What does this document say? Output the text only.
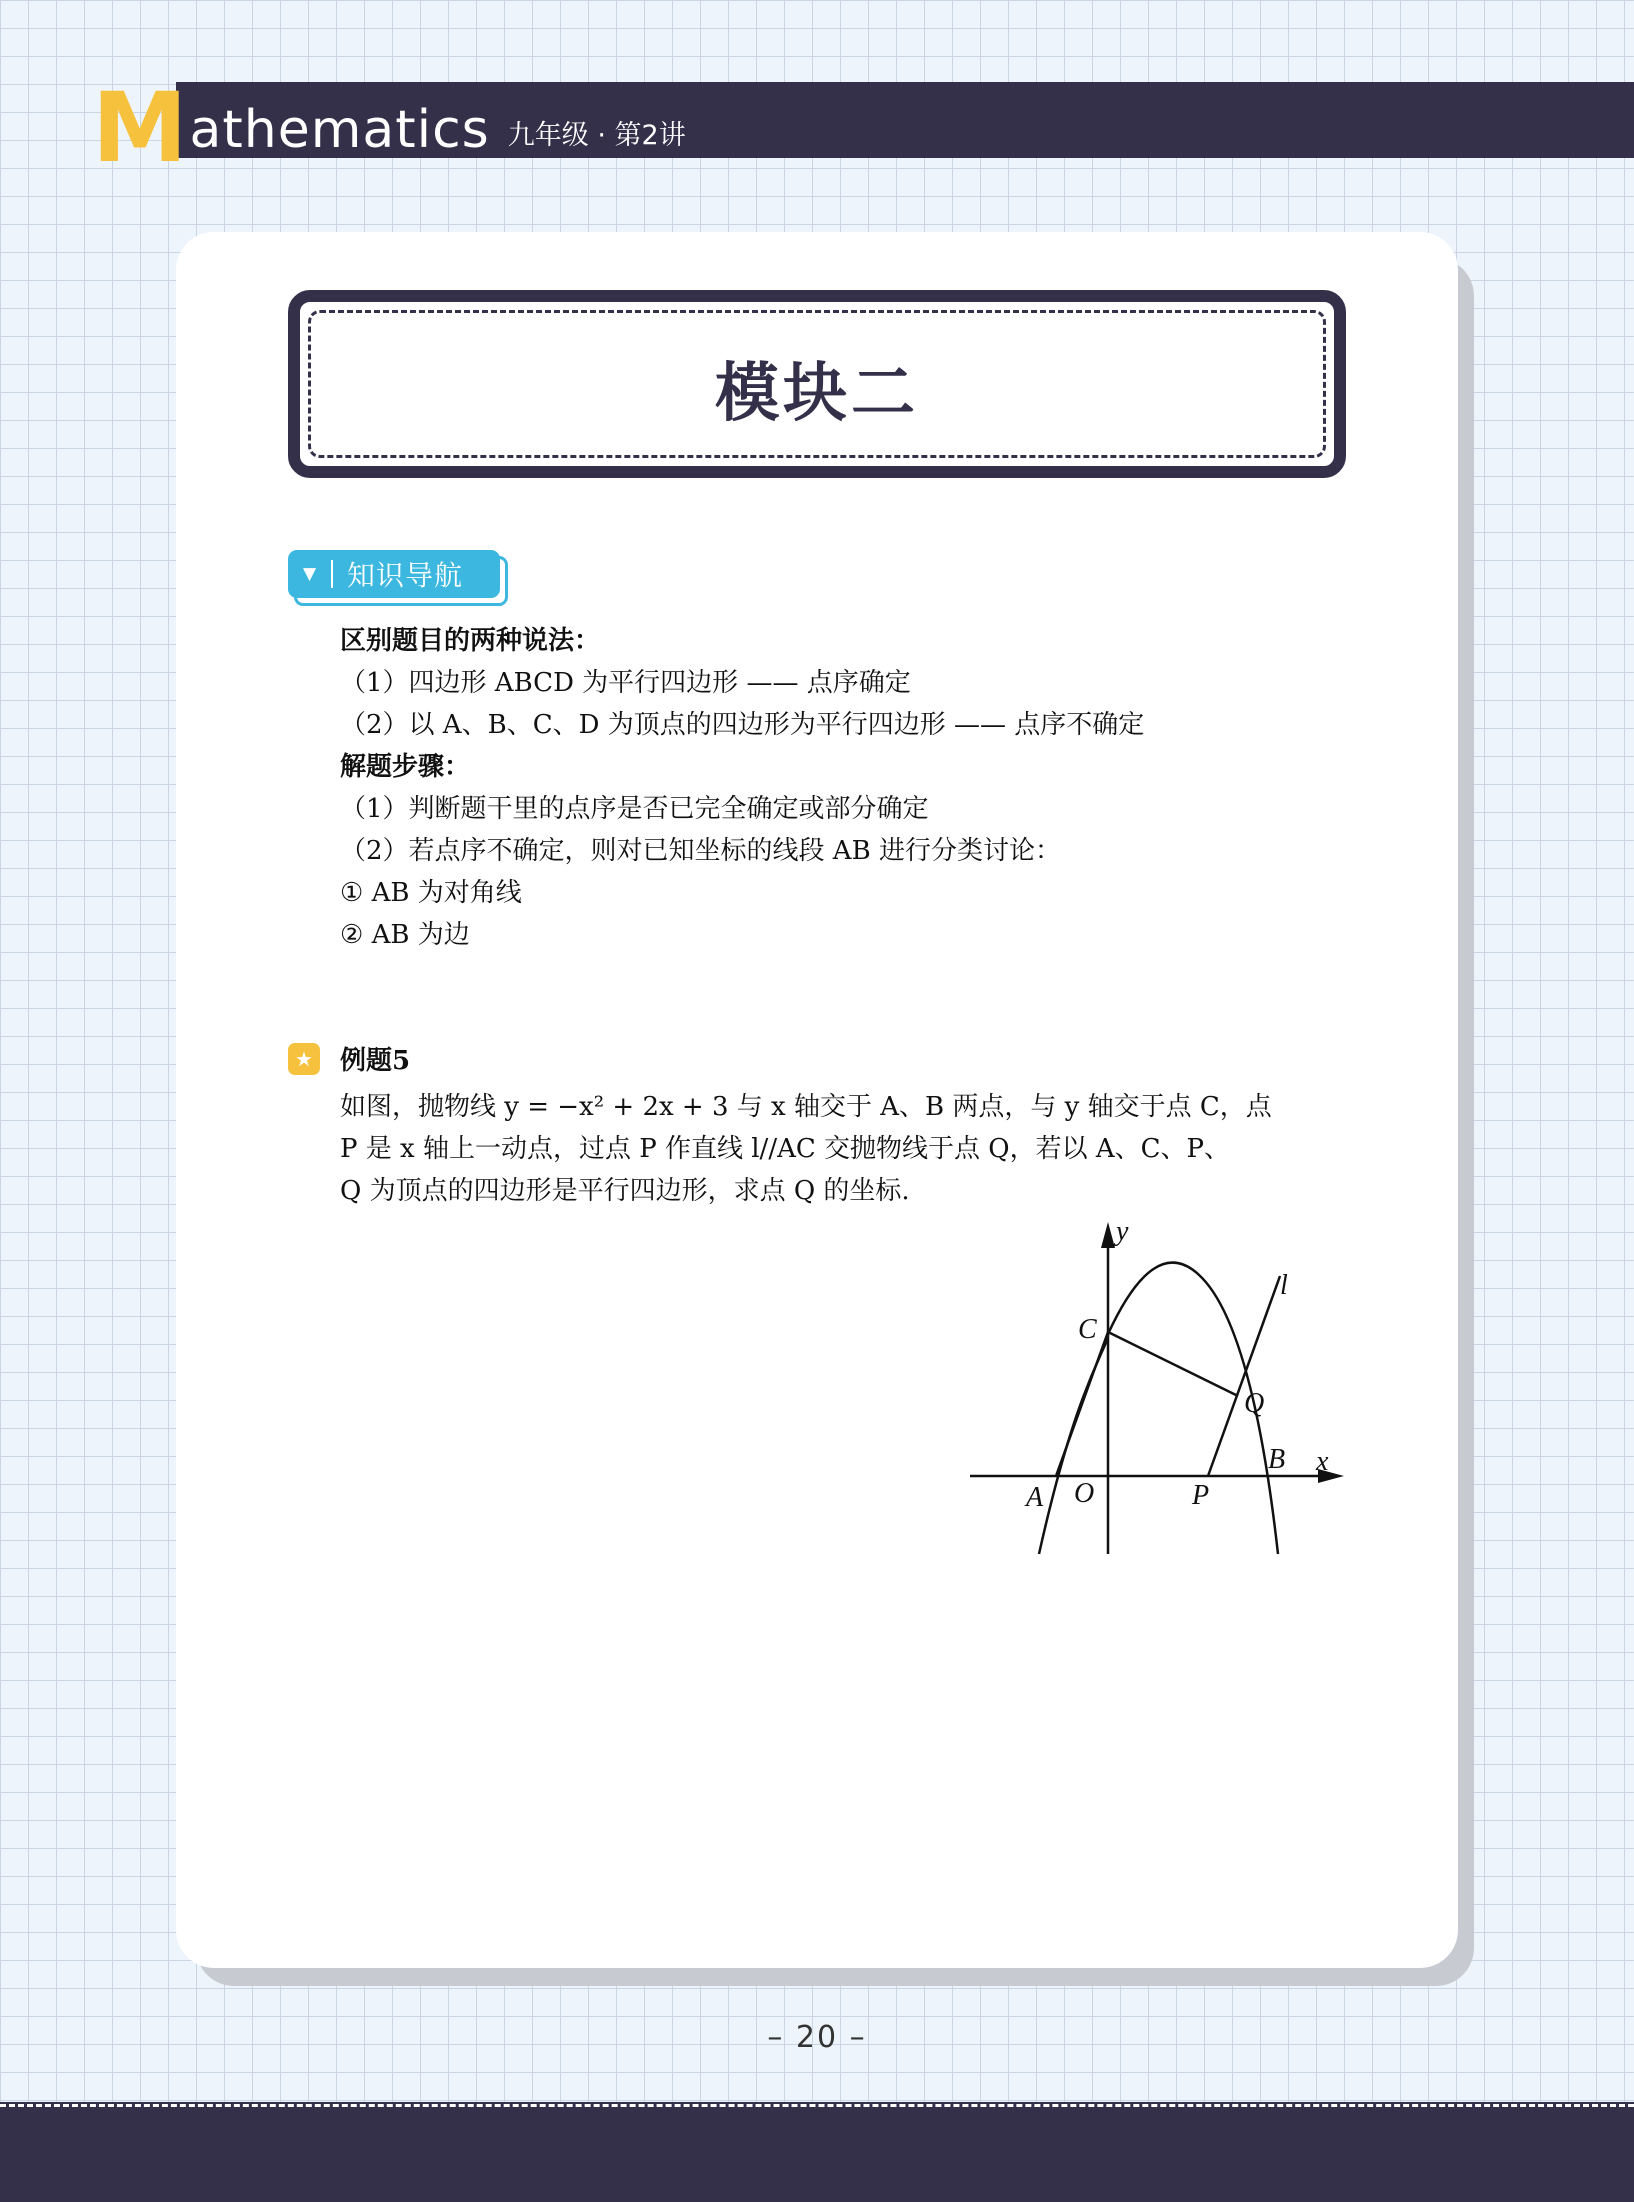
M athematics 九年级 · 第2讲
模块二
▼ 知识导航
区别题目的两种说法：
（1）四边形 ABCD 为平行四边形 —— 点序确定
（2）以 A、B、C、D 为顶点的四边形为平行四边形 —— 点序不确定
解题步骤：
（1）判断题干里的点序是否已完全确定或部分确定
（2）若点序不确定，则对已知坐标的线段 AB 进行分类讨论：
① AB 为对角线
② AB 为边
★ 例题5
如图，抛物线 y = −x² + 2x + 3 与 x 轴交于 A、B 两点，与 y 轴交于点 C，点
P 是 x 轴上一动点，过点 P 作直线 l//AC 交抛物线于点 Q，若以 A、C、P、
Q 为顶点的四边形是平行四边形，求点 Q 的坐标.
y
x
l
C
Q
B
A O	P
– 20 –
